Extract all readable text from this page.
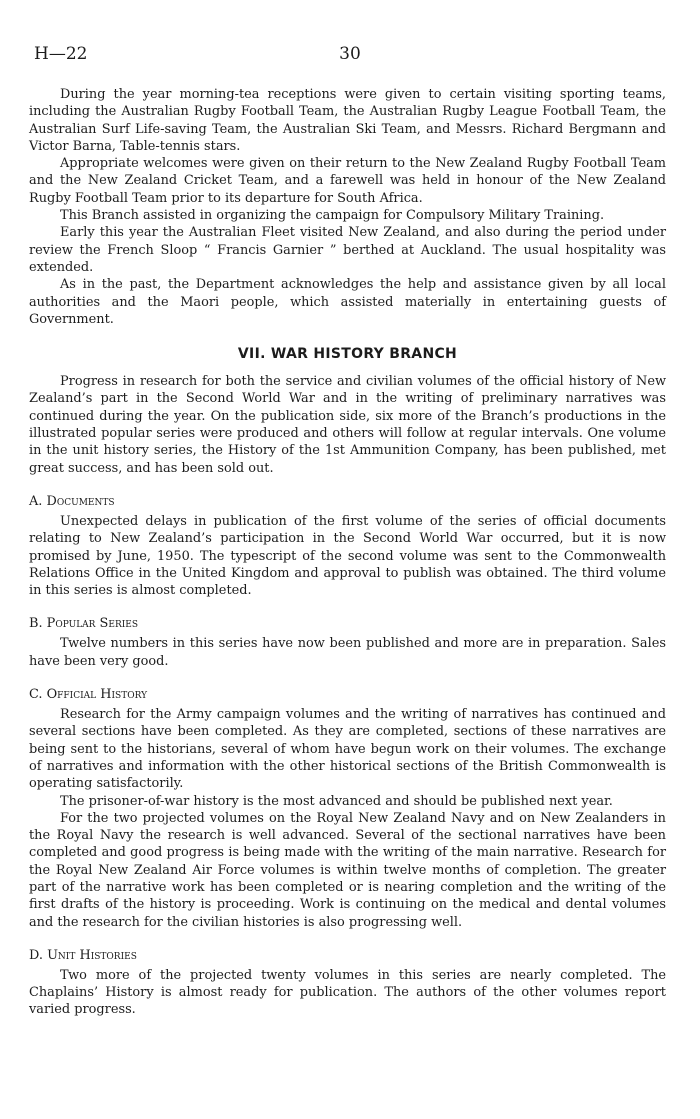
H—22	30

During the year morning-tea receptions were given to certain visiting sporting teams, including the Australian Rugby Football Team, the Australian Rugby League Football Team, the Australian Surf Life-saving Team, the Australian Ski Team, and Messrs. Richard Bergmann and Victor Barna, Table-tennis stars.

Appropriate welcomes were given on their return to the New Zealand Rugby Football Team and the New Zealand Cricket Team, and a farewell was held in honour of the New Zealand Rugby Football Team prior to its departure for South Africa.

This Branch assisted in organizing the campaign for Compulsory Military Training.

Early this year the Australian Fleet visited New Zealand, and also during the period under review the French Sloop “ Francis Garnier ” berthed at Auckland. The usual hospitality was extended.

As in the past, the Department acknowledges the help and assistance given by all local authorities and the Maori people, which assisted materially in entertaining guests of Government.

VII. WAR HISTORY BRANCH

Progress in research for both the service and civilian volumes of the official history of New Zealand’s part in the Second World War and in the writing of preliminary narratives was continued during the year. On the publication side, six more of the Branch’s productions in the illustrated popular series were produced and others will follow at regular intervals. One volume in the unit history series, the History of the 1st Ammunition Company, has been published, met great success, and has been sold out.

A. Documents

Unexpected delays in publication of the first volume of the series of official documents relating to New Zealand’s participation in the Second World War occurred, but it is now promised by June, 1950. The typescript of the second volume was sent to the Commonwealth Relations Office in the United Kingdom and approval to publish was obtained. The third volume in this series is almost completed.

B. Popular Series

Twelve numbers in this series have now been published and more are in preparation. Sales have been very good.

C. Official History

Research for the Army campaign volumes and the writing of narratives has continued and several sections have been completed. As they are completed, sections of these narratives are being sent to the historians, several of whom have begun work on their volumes. The exchange of narratives and information with the other historical sections of the British Commonwealth is operating satisfactorily.

The prisoner-of-war history is the most advanced and should be published next year.

For the two projected volumes on the Royal New Zealand Navy and on New Zealanders in the Royal Navy the research is well advanced. Several of the sectional narratives have been completed and good progress is being made with the writing of the main narrative. Research for the Royal New Zealand Air Force volumes is within twelve months of completion. The greater part of the narrative work has been completed or is nearing completion and the writing of the first drafts of the history is proceeding. Work is continuing on the medical and dental volumes and the research for the civilian histories is also progressing well.

D. Unit Histories

Two more of the projected twenty volumes in this series are nearly completed. The Chaplains’ History is almost ready for publication. The authors of the other volumes report varied progress.
